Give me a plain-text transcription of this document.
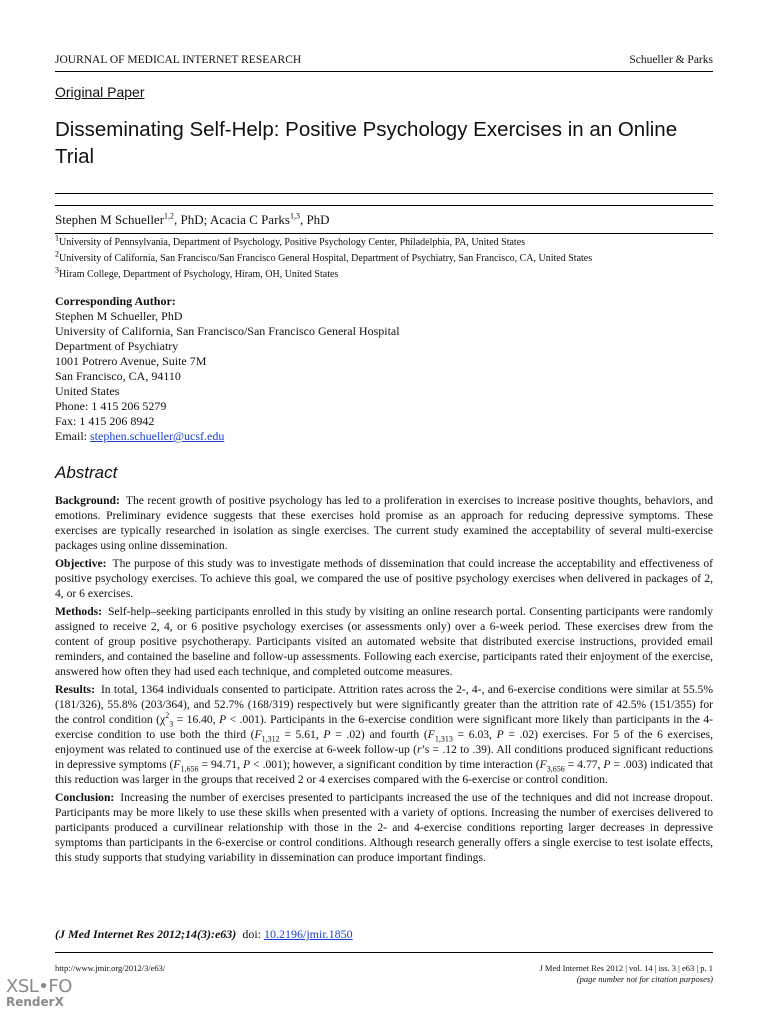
JOURNAL OF MEDICAL INTERNET RESEARCH	Schueller & Parks
Original Paper
Disseminating Self-Help: Positive Psychology Exercises in an Online Trial
Stephen M Schueller$^{1,2}$, PhD; Acacia C Parks$^{1,3}$, PhD
$^1$University of Pennsylvania, Department of Psychology, Positive Psychology Center, Philadelphia, PA, United States
$^2$University of California, San Francisco/San Francisco General Hospital, Department of Psychiatry, San Francisco, CA, United States
$^3$Hiram College, Department of Psychology, Hiram, OH, United States
Corresponding Author:
Stephen M Schueller, PhD
University of California, San Francisco/San Francisco General Hospital
Department of Psychiatry
1001 Potrero Avenue, Suite 7M
San Francisco, CA, 94110
United States
Phone: 1 415 206 5279
Fax: 1 415 206 8942
Email: stephen.schueller@ucsf.edu
Abstract

Background: The recent growth of positive psychology has led to a proliferation in exercises to increase positive thoughts, behaviors, and emotions. Preliminary evidence suggests that these exercises hold promise as an approach for reducing depressive symptoms. These exercises are typically researched in isolation as single exercises. The current study examined the acceptability of several multi-exercise packages using online dissemination.

Objective: The purpose of this study was to investigate methods of dissemination that could increase the acceptability and effectiveness of positive psychology exercises. To achieve this goal, we compared the use of positive psychology exercises when delivered in packages of 2, 4, or 6 exercises.

Methods: Self-help–seeking participants enrolled in this study by visiting an online research portal. Consenting participants were randomly assigned to receive 2, 4, or 6 positive psychology exercises (or assessments only) over a 6-week period. These exercises drew from the content of group positive psychotherapy. Participants visited an automated website that distributed exercise instructions, provided email reminders, and contained the baseline and follow-up assessments. Following each exercise, participants rated their enjoyment of the exercise, answered how often they had used each technique, and completed outcome measures.

Results: In total, 1364 individuals consented to participate. Attrition rates across the 2-, 4-, and 6-exercise conditions were similar at 55.5% (181/326), 55.8% (203/364), and 52.7% (168/319) respectively but were significantly greater than the attrition rate of 42.5% (151/355) for the control condition ($\chi^2_3 = 16.40$, P < .001). Participants in the 6-exercise condition were significant more likely than participants in the 4-exercise condition to use both the third ($F_{1,312} = 5.61$, P = .02) and fourth ($F_{1,313} = 6.03$, P = .02) exercises. For 5 of the 6 exercises, enjoyment was related to continued use of the exercise at 6-week follow-up (r’s = .12 to .39). All conditions produced significant reductions in depressive symptoms ($F_{1,656} = 94.71$, P < .001); however, a significant condition by time interaction ($F_{3,656} = 4.77$, P = .003) indicated that this reduction was larger in the groups that received 2 or 4 exercises compared with the 6-exercise or control condition.

Conclusion: Increasing the number of exercises presented to participants increased the use of the techniques and did not increase dropout. Participants may be more likely to use these skills when presented with a variety of options. Increasing the number of exercises delivered to participants produced a curvilinear relationship with those in the 2- and 4-exercise conditions reporting larger decreases in depressive symptoms than participants in the 6-exercise or control conditions. Although research generally offers a single exercise to test isolate effects, this study supports that studying variability in dissemination can produce important findings.

(J Med Internet Res 2012;14(3):e63) doi: 10.2196/jmir.1850
http://www.jmir.org/2012/3/e63/	J Med Internet Res 2012 | vol. 14 | iss. 3 | e63 | p. 1
(page number not for citation purposes)
XSL•FO
RenderX
